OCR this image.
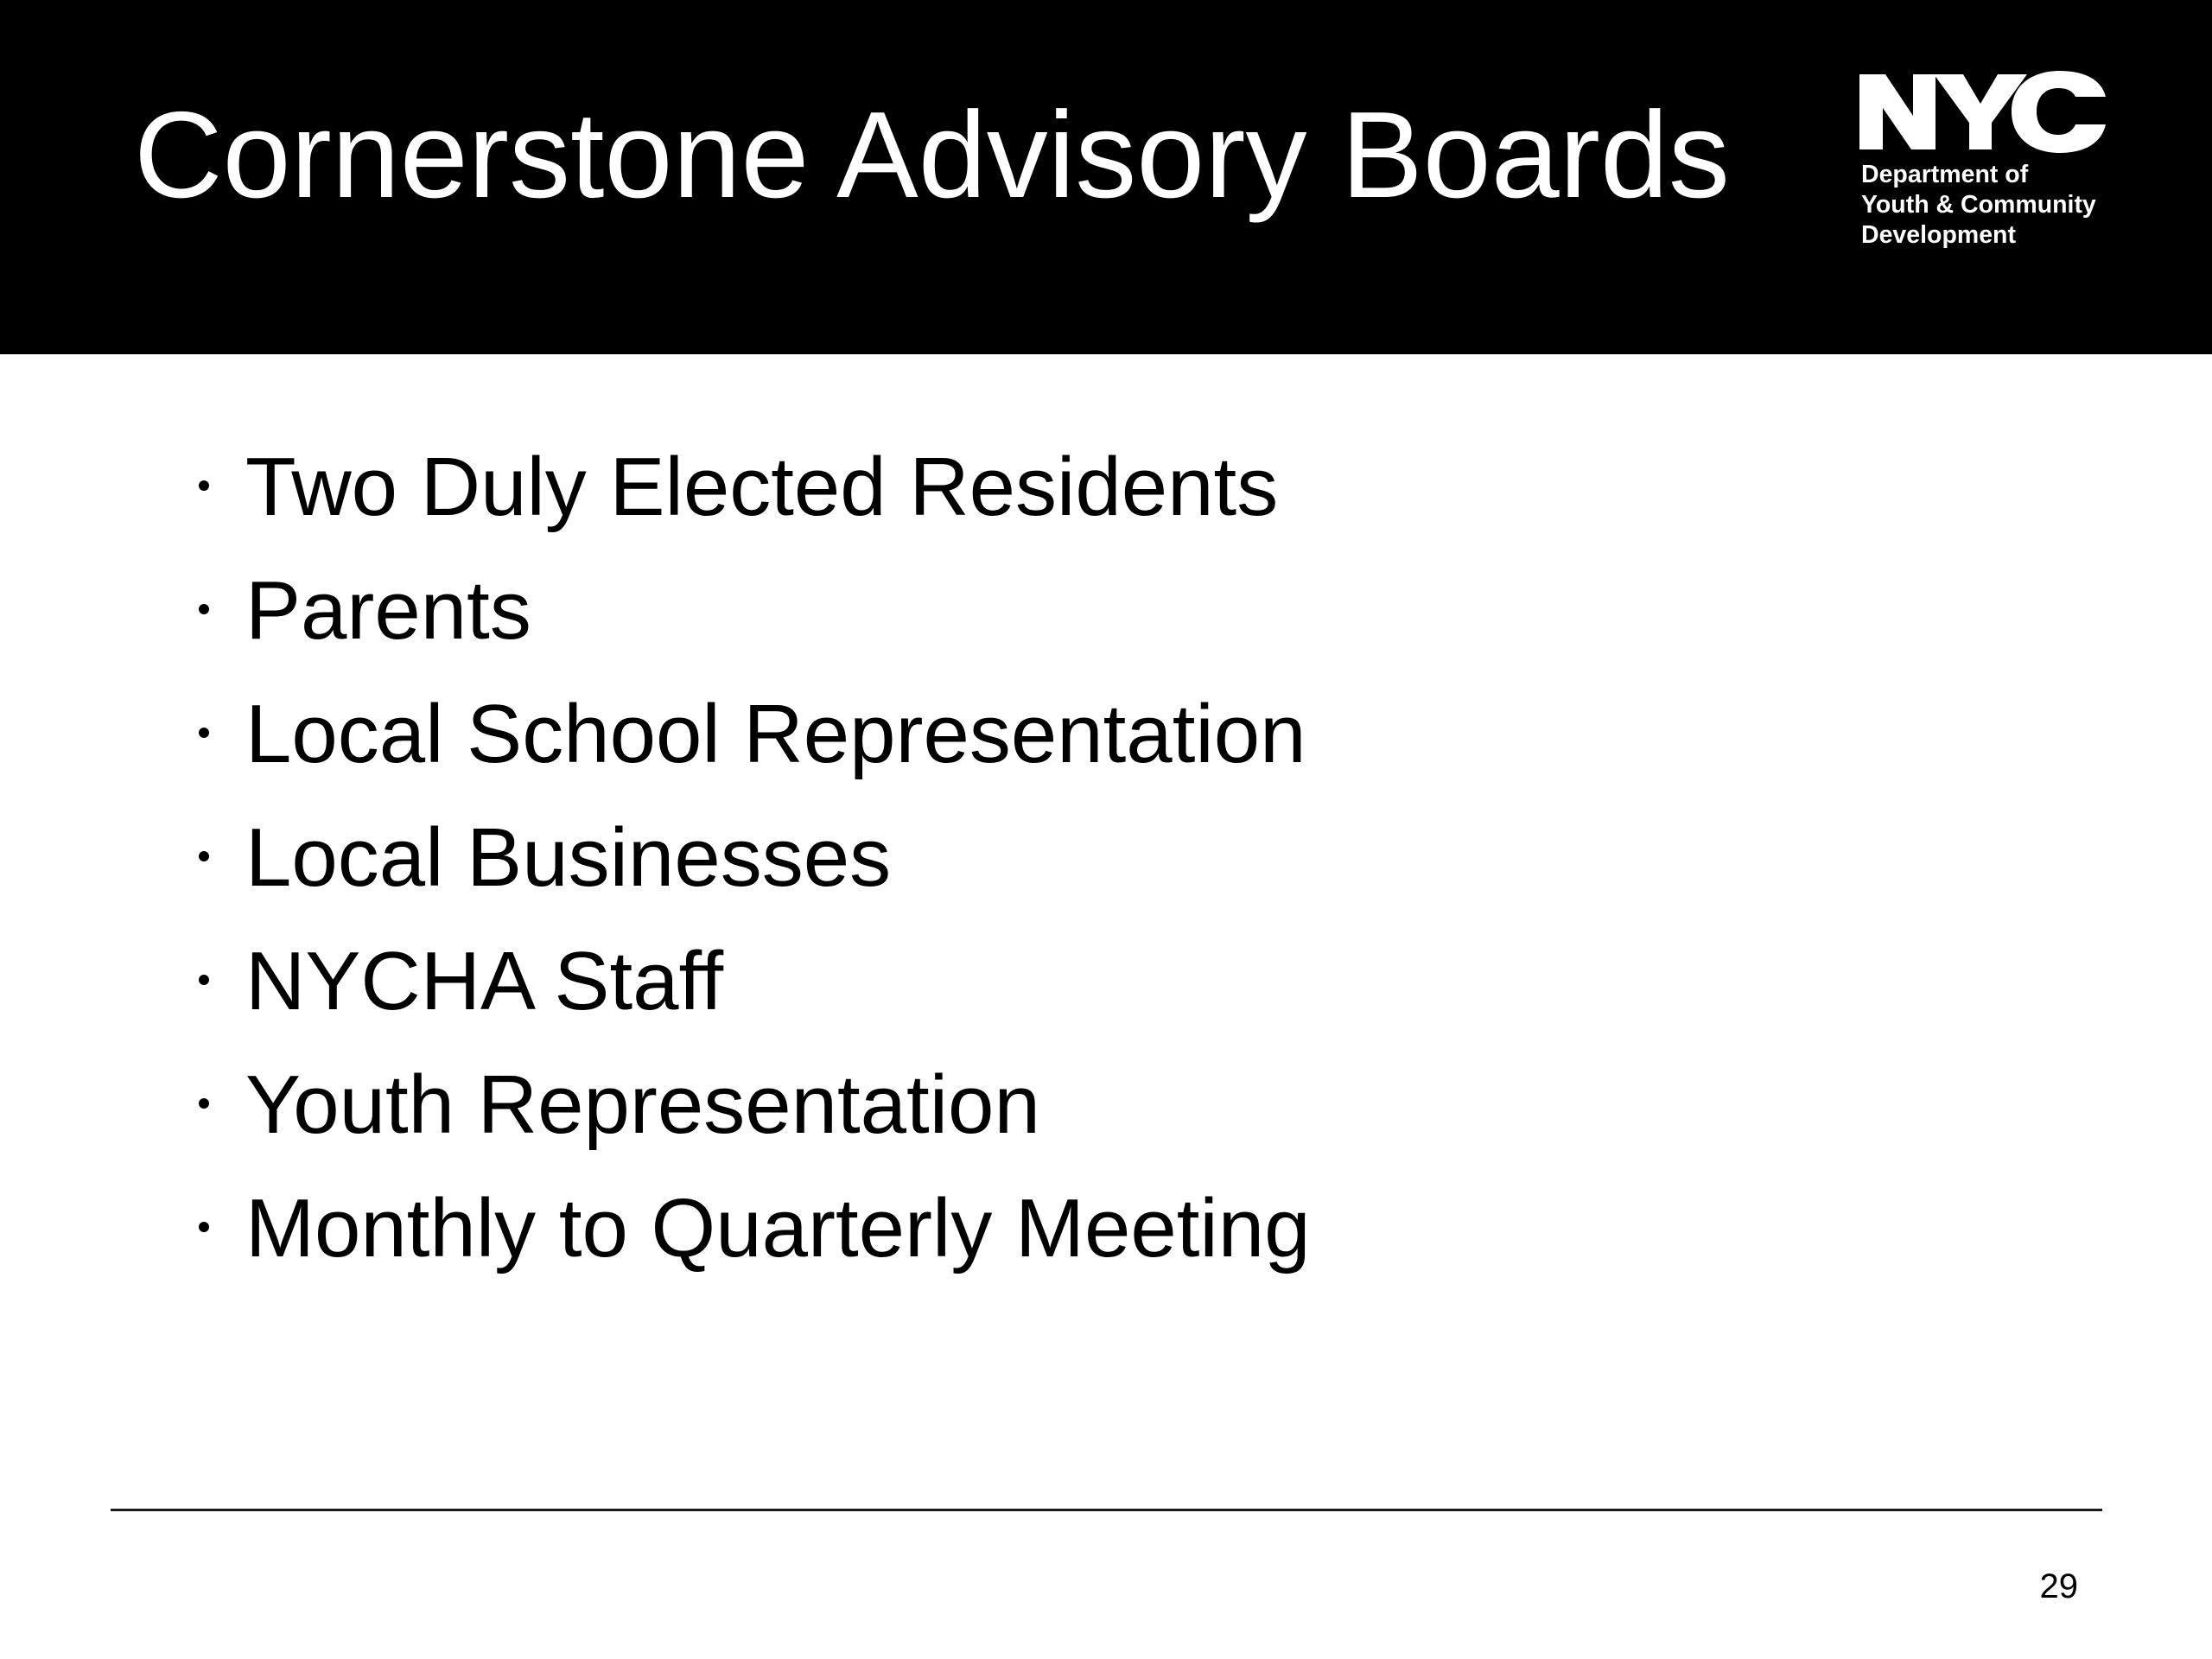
Cornerstone Advisory Boards	Department of
Youth & Community
Development

Two Duly Elected Residents
Parents
Local School Representation
Local Businesses
NYCHA Staff
Youth Representation
Monthly to Quarterly Meeting
29
